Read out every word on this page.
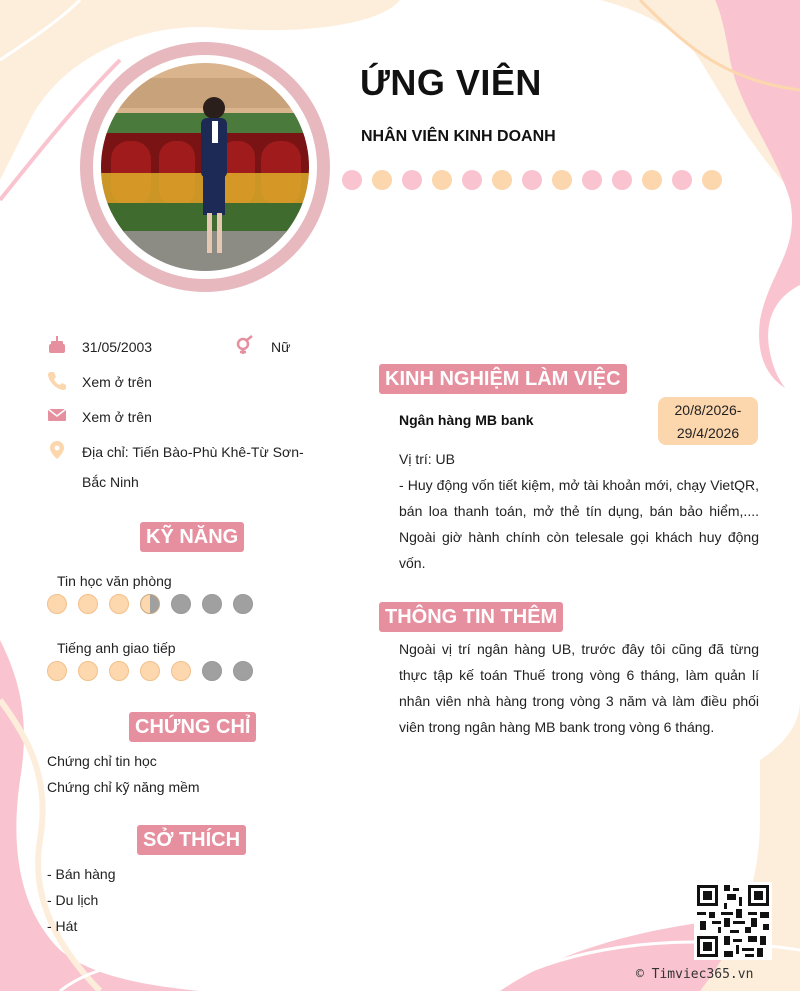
ỨNG VIÊN
NHÂN VIÊN KINH DOANH
31/05/2003	Nữ
Xem ở trên
Xem ở trên
Địa chỉ: Tiến Bào-Phù Khê-Từ Sơn-
Bắc Ninh
KỸ NĂNG
Tin học văn phòng
Tiếng anh giao tiếp
CHỨNG CHỈ
Chứng chỉ tin học
Chứng chỉ kỹ năng mềm
SỞ THÍCH
- Bán hàng
- Du lịch
- Hát
KINH NGHIỆM LÀM VIỆC
Ngân hàng MB bank
20/8/2026-
29/4/2026
Vị trí: UB
- Huy động vốn tiết kiệm, mở tài khoản mới, chạy VietQR, bán loa thanh toán, mở thẻ tín dụng, bán bảo hiểm,.... Ngoài giờ hành chính còn telesale gọi khách huy động vốn.
THÔNG TIN THÊM
Ngoài vị trí ngân hàng UB, trước đây tôi cũng đã từng thực tập kế toán Thuế trong vòng 6 tháng, làm quản lí nhân viên nhà hàng trong vòng 3 năm và làm điều phối viên trong ngân hàng MB bank trong vòng 6 tháng.
© Timviec365.vn
